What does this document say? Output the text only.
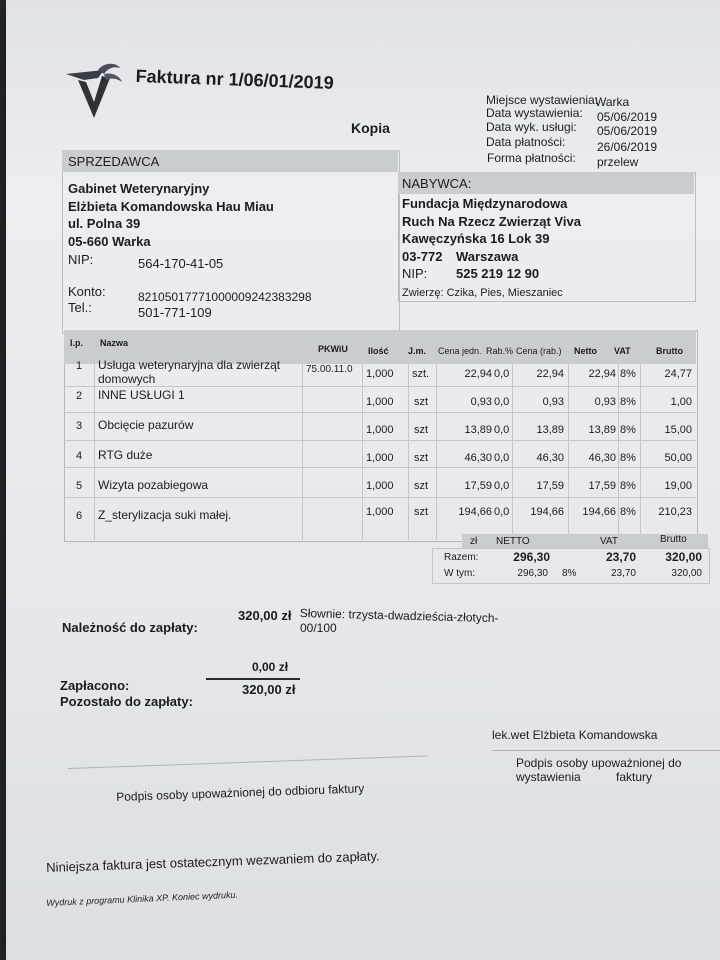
Faktura nr 1/06/01/2019
Kopia
Miejsce wystawienia:
Warka
Data wystawienia: 05/06/2019
Data wyk. usługi: 05/06/2019
Data płatności:	26/06/2019
Forma płatności: przelew
SPRZEDAWCA
Gabinet Weterynaryjny
Elżbieta Komandowska Hau Miau
ul. Polna 39
05-660 Warka
NIP:	564-170-41-05
Konto:	82105017771000009242383298
Tel.:	501-771-109
NABYWCA:
Fundacja Międzynarodowa
Ruch Na Rzecz Zwierząt Viva
Kawęczyńska 16 Lok 39
03-772 Warszawa
NIP: 525 219 12 90
Zwierzę: Czika, Pies, Mieszaniec
l.p. Nazwa
PKWiU Ilość J.m. Cena jedn. Rab.% Cena (rab.) Netto VAT	Brutto
1 Usługa weterynaryjna dla zwierząt
domowych
75.00.11.0 1,000 szt.	22,94 0,0	22,94	22,94 8%	24,77
2 INNE USŁUGI 1	1,000 szt	0,93 0,0	0,93	0,93 8%	1,00
3 Obcięcie pazurów	1,000 szt	13,89 0,0	13,89	13,89 8%	15,00
4 RTG duże	1,000 szt	46,30 0,0	46,30	46,30 8%	50,00
5 Wizyta pozabiegowa	1,000 szt	17,59 0,0	17,59	17,59 8%	19,00
6 Z_sterylizacja suki małej.	1,000 szt	194,66 0,0	194,66	194,66 8%	210,23
zł NETTO	VAT	Brutto
Razem:	296,30	23,70	320,00
W tym:	296,30 8%	23,70	320,00
Należność do zapłaty:
320,00 zł Słownie: trzysta-dwadzieścia-złotych-
00/100
0,00 zł
Zapłacono:	320,00 zł
Pozostało do zapłaty:
lek.wet Elżbieta Komandowska
Podpis osoby upoważnionej do wystawienia	faktury
Podpis osoby upoważnionej do odbioru faktury
Niniejsza faktura jest ostatecznym wezwaniem do zapłaty.
Wydruk z programu Klinika XP. Koniec wydruku.
